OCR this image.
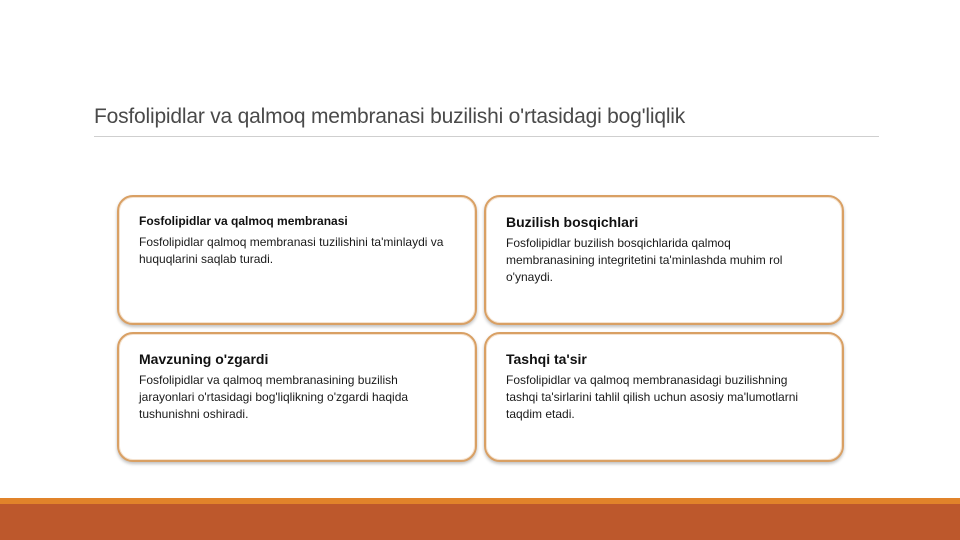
Fosfolipidlar va qalmoq membranasi buzilishi o'rtasidagi bog'liqlik

Fosfolipidlar va qalmoq membranasi

Fosfolipidlar qalmoq membranasi tuzilishini ta'minlaydi va huquqlarini saqlab turadi.

Buzilish bosqichlari

Fosfolipidlar buzilish bosqichlarida qalmoq membranasining integritetini ta'minlashda muhim rol o'ynaydi.

Mavzuning o'zgardi

Fosfolipidlar va qalmoq membranasining buzilish jarayonlari o'rtasidagi bog'liqlikning o'zgardi haqida tushunishni oshiradi.

Tashqi ta'sir

Fosfolipidlar va qalmoq membranasidagi buzilishning tashqi ta'sirlarini tahlil qilish uchun asosiy ma'lumotlarni taqdim etadi.
